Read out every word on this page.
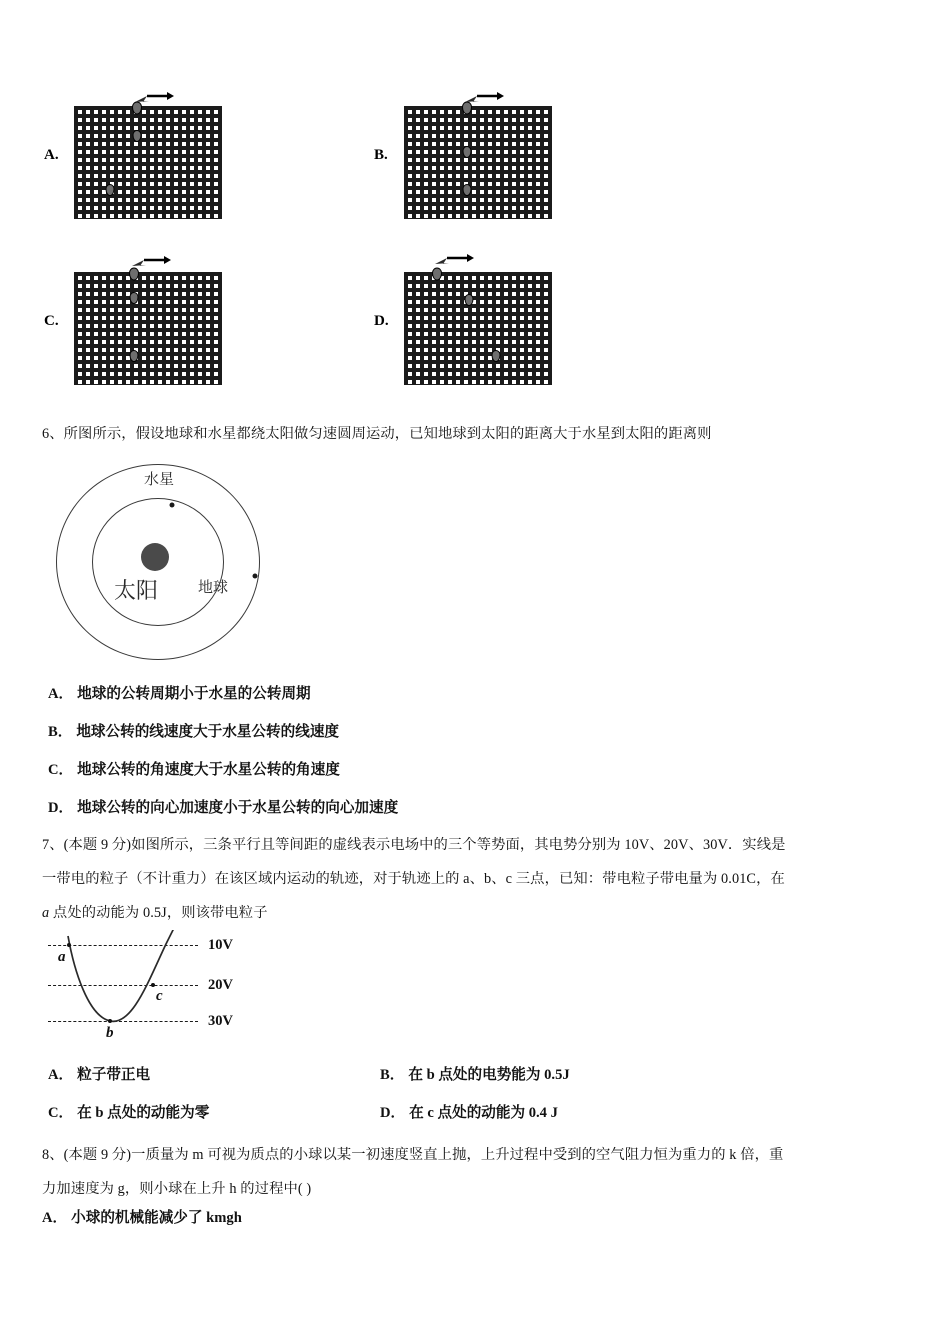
A.	B.
C.	D.
6、所图所示，假设地球和水星都绕太阳做匀速圆周运动，已知地球到太阳的距离大于水星到太阳的距离则
太阳
水星
地球
A． 地球的公转周期小于水星的公转周期
B． 地球公转的线速度大于水星公转的线速度
C． 地球公转的角速度大于水星公转的角速度
D． 地球公转的向心加速度小于水星公转的向心加速度
7、(本题 9 分)如图所示，三条平行且等间距的虚线表示电场中的三个等势面，其电势分别为 10V、20V、30V．实线是
一带电的粒子（不计重力）在该区域内运动的轨迹，对于轨迹上的 a、b、c 三点，已知：带电粒子带电量为 0.01C，在
a 点处的动能为 0.5J，则该带电粒子
a
b
c
10V
20V
30V
A． 粒子带正电	B． 在 b 点处的电势能为 0.5J
C． 在 b 点处的动能为零	D． 在 c 点处的动能为 0.4 J
8、(本题 9 分)一质量为 m 可视为质点的小球以某一初速度竖直上抛，上升过程中受到的空气阻力恒为重力的 k 倍，重
力加速度为 g，则小球在上升 h 的过程中( )
A． 小球的机械能减少了 kmgh
